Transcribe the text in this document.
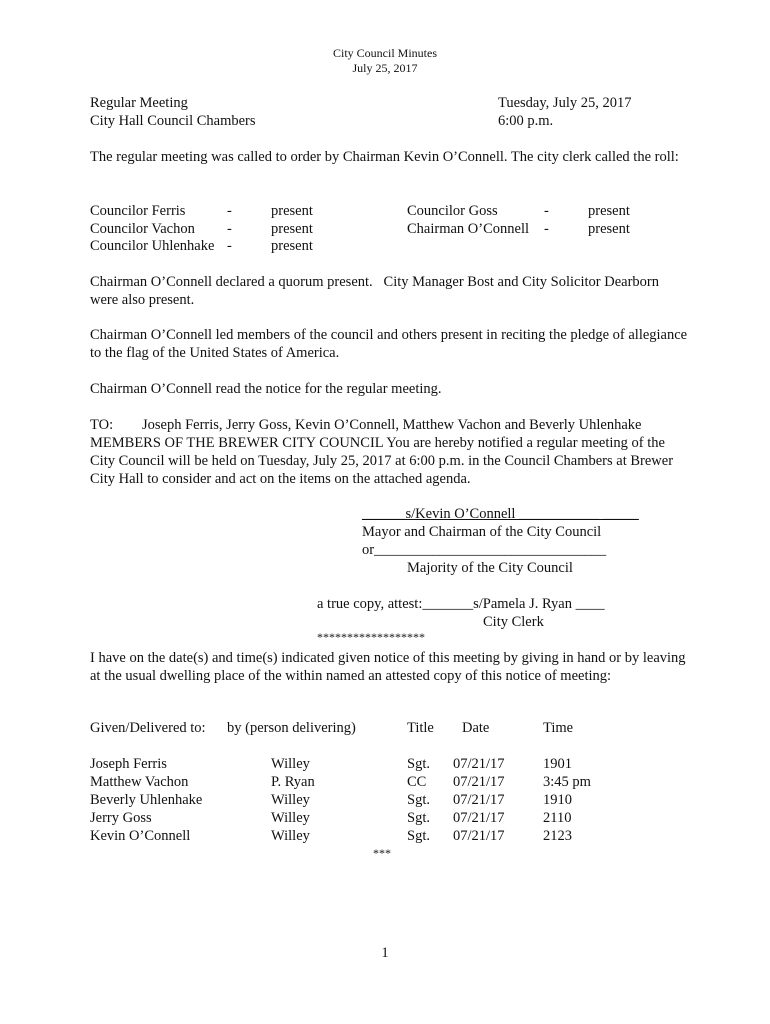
City Council Minutes
July 25, 2017
Regular Meeting
City Hall Council Chambers
Tuesday, July 25, 2017
6:00 p.m.
The regular meeting was called to order by Chairman Kevin O’Connell. The city clerk called the roll:
Councilor Ferris	-	present
Councilor Vachon -	present
Councilor Uhlenhake -	present
Councilor Goss	-	present
Chairman O’Connell -	present
Chairman O’Connell declared a quorum present.   City Manager Bost and City Solicitor Dearborn were also present.
Chairman O’Connell led members of the council and others present in reciting the pledge of allegiance to the flag of the United States of America.
Chairman O’Connell read the notice for the regular meeting.
TO: Joseph Ferris, Jerry Goss, Kevin O’Connell, Matthew Vachon and Beverly Uhlenhake
MEMBERS OF THE BREWER CITY COUNCIL You are hereby notified a regular meeting of the City Council will be held on Tuesday, July 25, 2017 at 6:00 p.m. in the Council Chambers at Brewer City Hall to consider and act on the items on the attached agenda.
______s/Kevin O’Connell ___________ _____
Mayor and Chairman of the City Council
or________________________________
Majority of the City Council
a true copy, attest:_______s/Pamela J. Ryan ____
City Clerk
******************
I have on the date(s) and time(s) indicated given notice of this meeting by giving in hand or by leaving at the usual dwelling place of the within named an attested copy of this notice of meeting:
Given/Delivered to: by (person delivering)	Title Date	Time
Joseph Ferris	Willey	Sgt. 07/21/17	1901
Matthew Vachon	P. Ryan	CC 07/21/17	3:45 pm
Beverly Uhlenhake	Willey	Sgt. 07/21/17	1910
Jerry Goss	Willey	Sgt. 07/21/17	2110
Kevin O’Connell	Willey	Sgt. 07/21/17	2123
***
1
